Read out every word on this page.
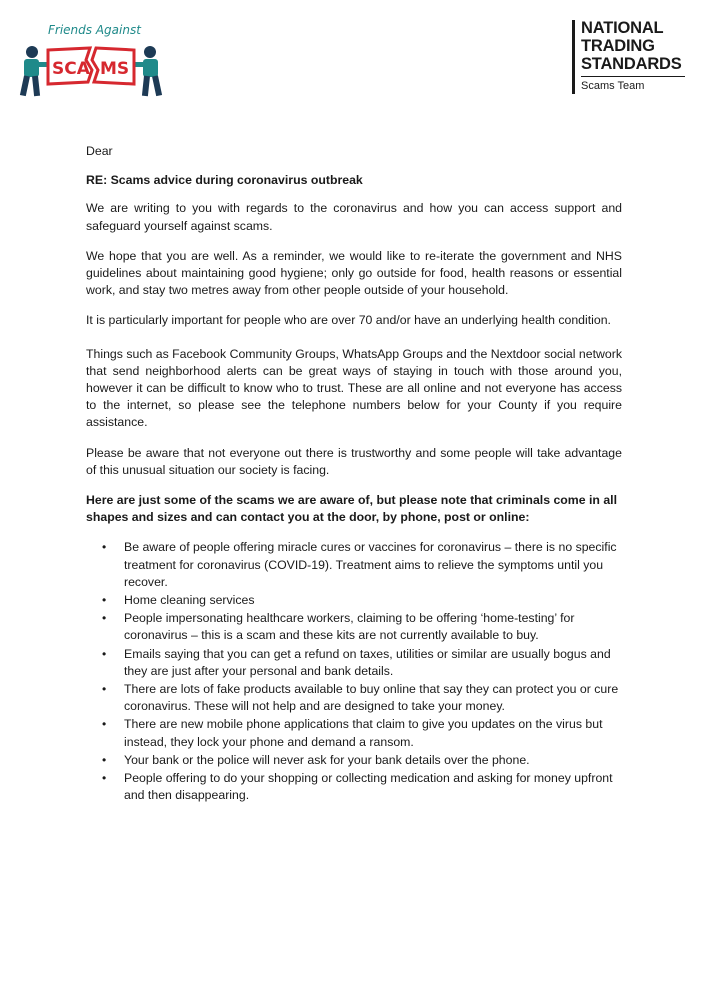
Friends Against
SCA MS
NATIONAL
TRADING
STANDARDS
Scams Team

Dear

RE: Scams advice during coronavirus outbreak

We are writing to you with regards to the coronavirus and how you can access support and safeguard yourself against scams.

We hope that you are well. As a reminder, we would like to re-iterate the government and NHS guidelines about maintaining good hygiene; only go outside for food, health reasons or essential work, and stay two metres away from other people outside of your household.

It is particularly important for people who are over 70 and/or have an underlying health condition.

Things such as Facebook Community Groups, WhatsApp Groups and the Nextdoor social network that send neighborhood alerts can be great ways of staying in touch with those around you, however it can be difficult to know who to trust. These are all online and not everyone has access to the internet, so please see the telephone numbers below for your County if you require assistance.

Please be aware that not everyone out there is trustworthy and some people will take advantage of this unusual situation our society is facing.

Here are just some of the scams we are aware of, but please note that criminals come in all shapes and sizes and can contact you at the door, by phone, post or online:

• Be aware of people offering miracle cures or vaccines for coronavirus – there is no specific treatment for coronavirus (COVID-19). Treatment aims to relieve the symptoms until you recover.
• Home cleaning services
• People impersonating healthcare workers, claiming to be offering ‘home-testing’ for coronavirus – this is a scam and these kits are not currently available to buy.
• Emails saying that you can get a refund on taxes, utilities or similar are usually bogus and they are just after your personal and bank details.
• There are lots of fake products available to buy online that say they can protect you or cure coronavirus. These will not help and are designed to take your money.
• There are new mobile phone applications that claim to give you updates on the virus but instead, they lock your phone and demand a ransom.
• Your bank or the police will never ask for your bank details over the phone.
• People offering to do your shopping or collecting medication and asking for money upfront and then disappearing.
